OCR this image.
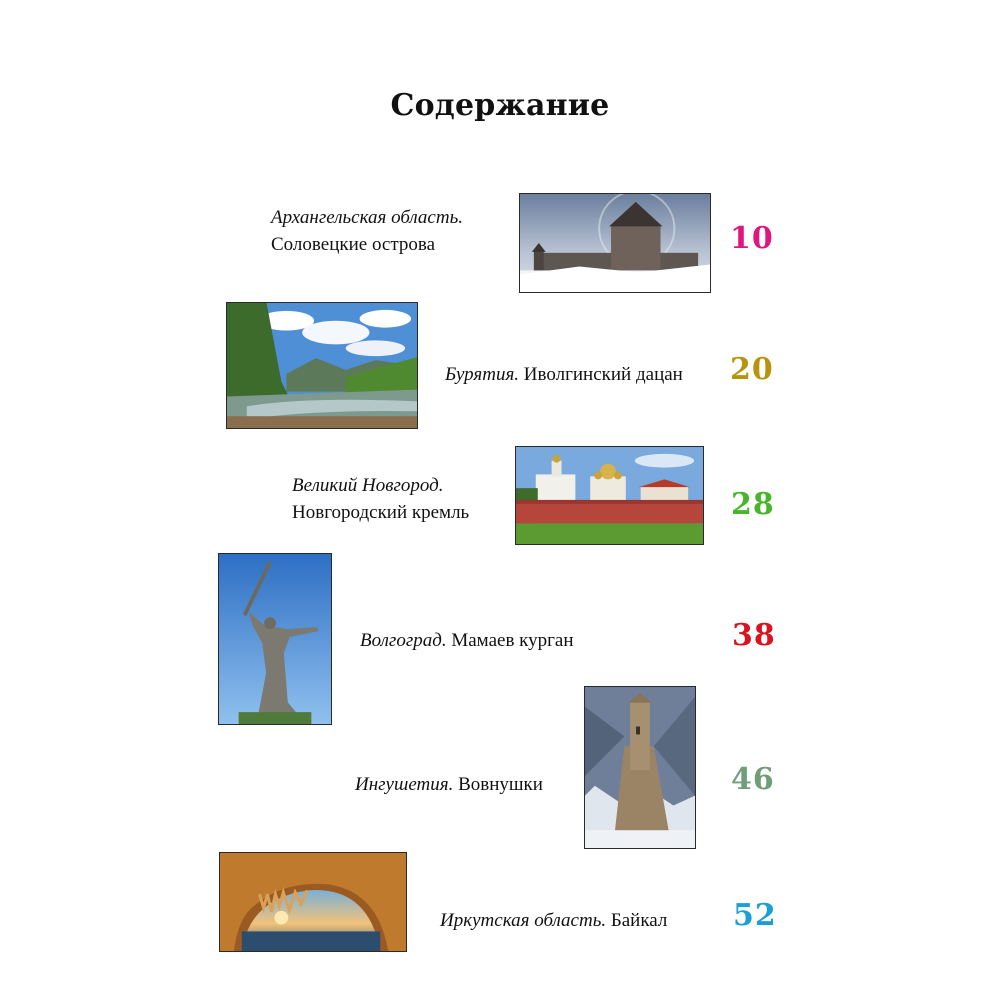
Содержание
Архангельская область.
Соловецкие острова	10
Бурятия. Иволгинский дацан 20
Великий Новгород.
Новгородский кремль	28
Волгоград. Мамаев курган	38
Ингушетия. Вовнушки	46
Иркутская область. Байкал 52
